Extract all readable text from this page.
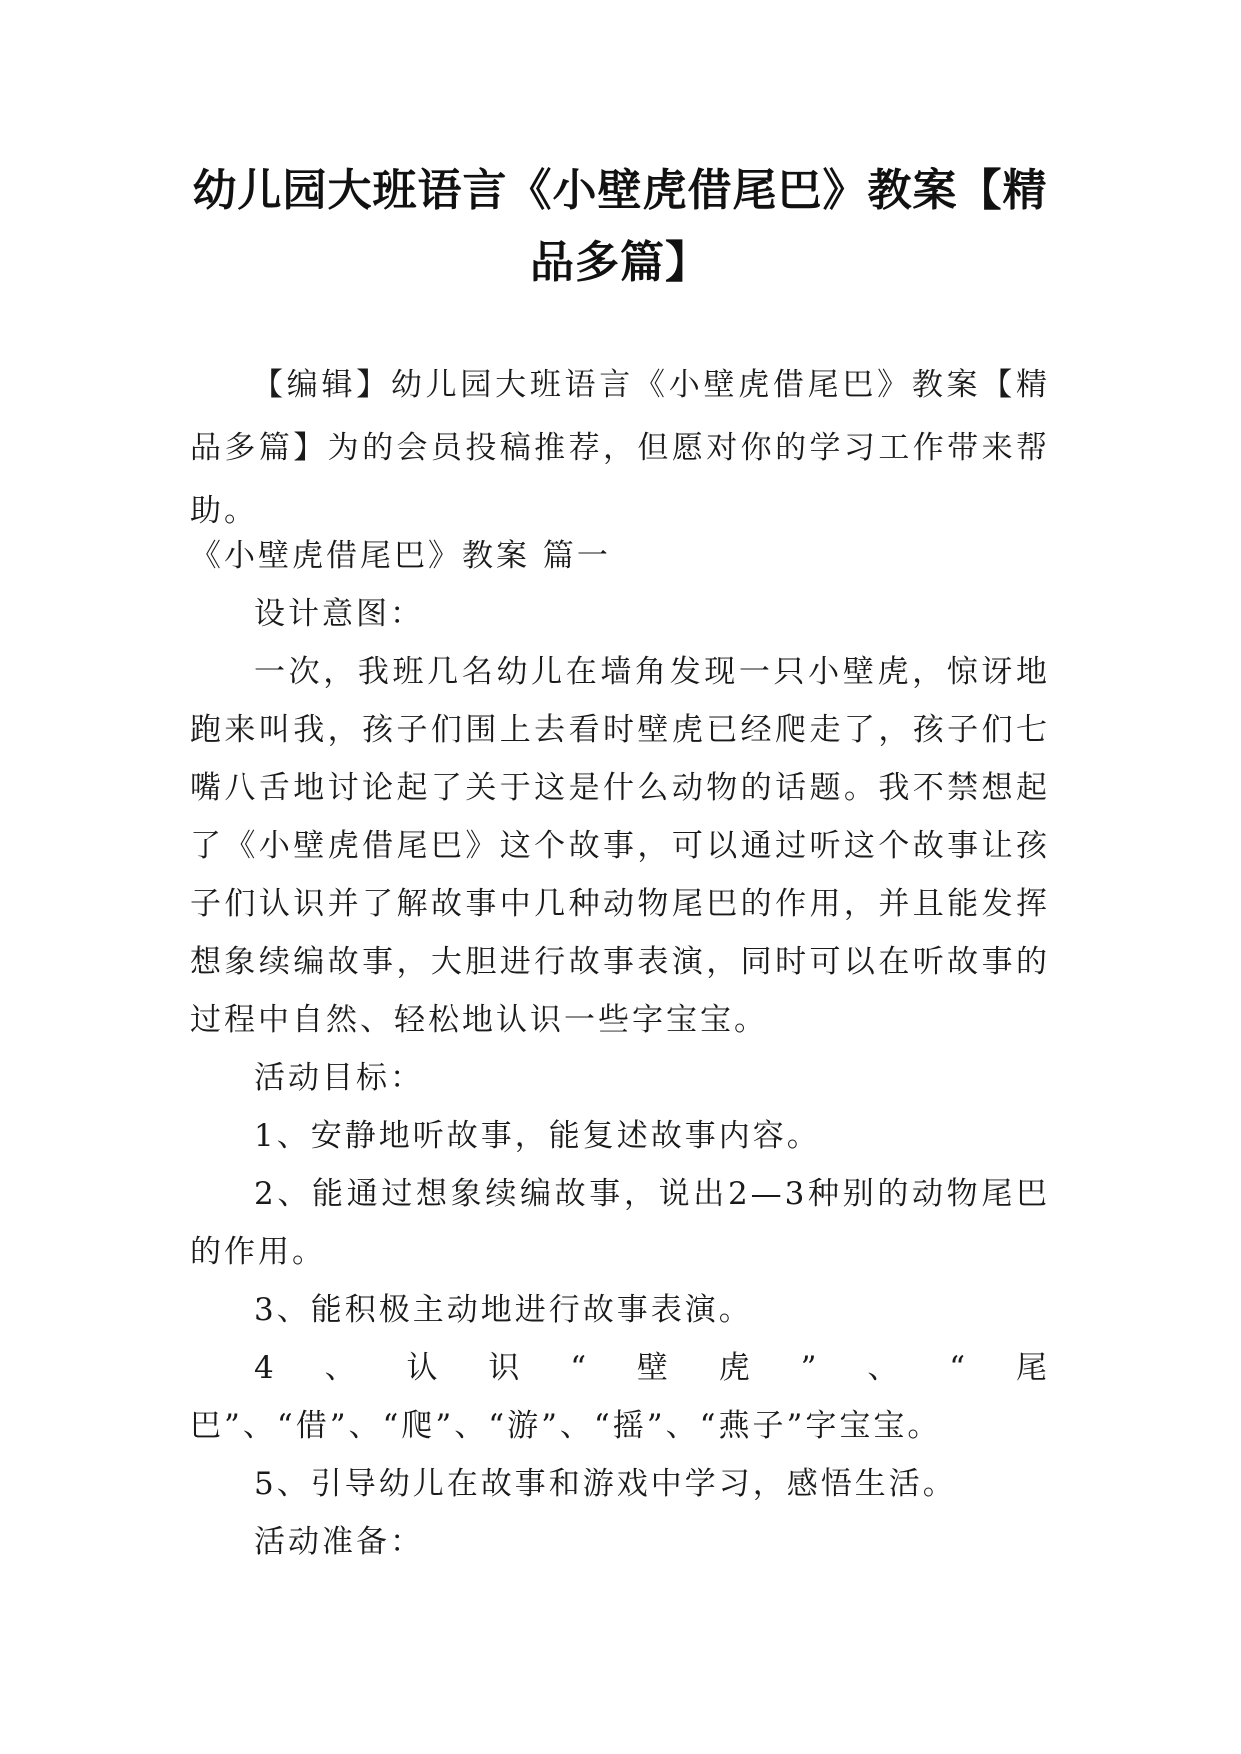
幼儿园大班语言《小壁虎借尾巴》教案【精品多篇】
【编辑】幼儿园大班语言《小壁虎借尾巴》教案【精品多篇】为的会员投稿推荐，但愿对你的学习工作带来帮助。

《小壁虎借尾巴》教案 篇一

设计意图：

一次，我班几名幼儿在墙角发现一只小壁虎，惊讶地跑来叫我，孩子们围上去看时壁虎已经爬走了，孩子们七嘴八舌地讨论起了关于这是什么动物的话题。我不禁想起了《小壁虎借尾巴》这个故事，可以通过听这个故事让孩子们认识并了解故事中几种动物尾巴的作用，并且能发挥想象续编故事，大胆进行故事表演，同时可以在听故事的过程中自然、轻松地认识一些字宝宝。

活动目标：

1、安静地听故事，能复述故事内容。

2、能通过想象续编故事，说出2—3种别的动物尾巴的作用。

3、能积极主动地进行故事表演。

4、认识“壁虎”、“尾巴”、“借”、“爬”、“游”、“摇”、“燕子”字宝宝。

5、引导幼儿在故事和游戏中学习，感悟生活。

活动准备：
